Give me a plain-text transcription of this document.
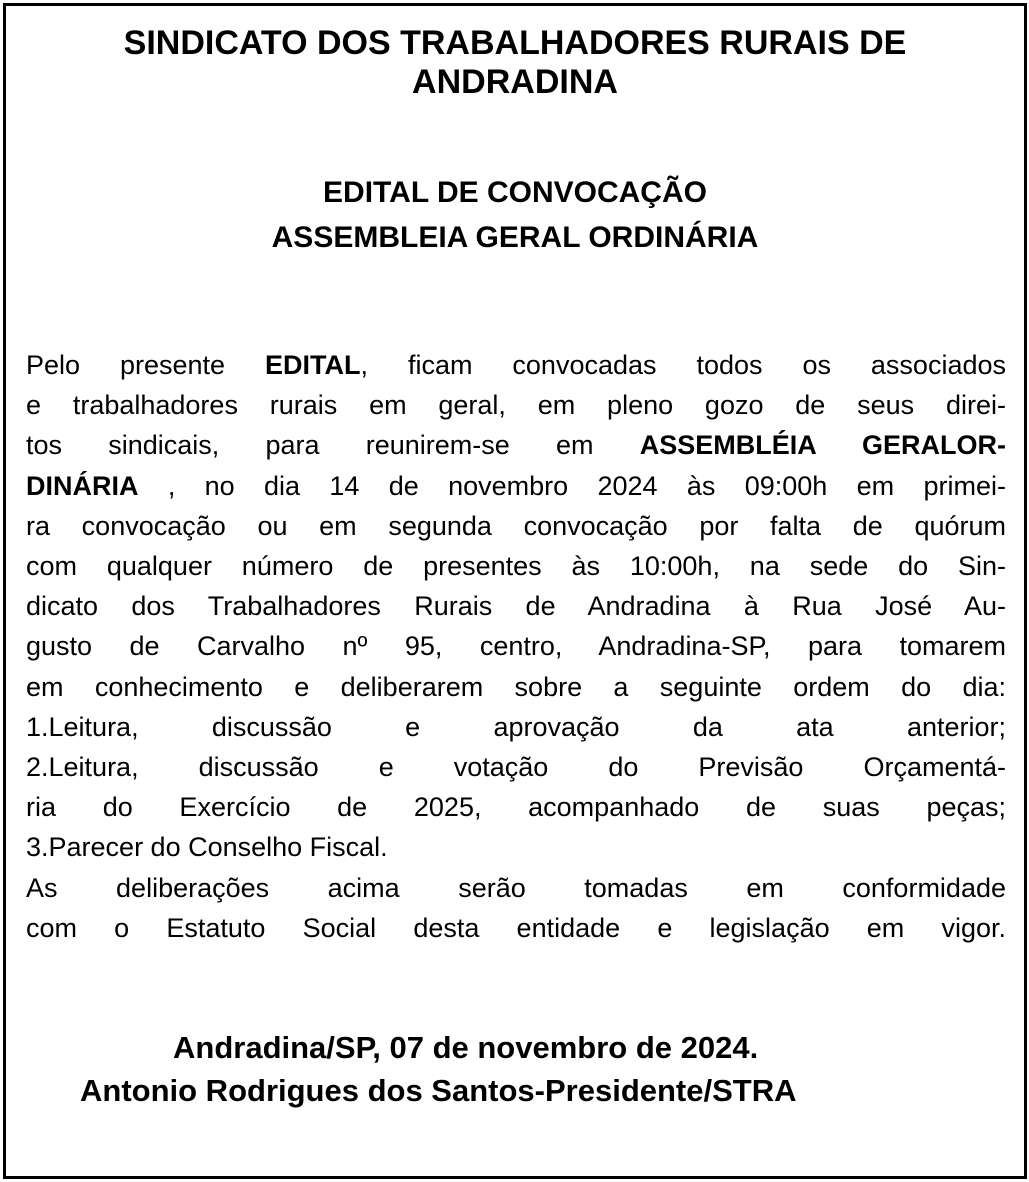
SINDICATO DOS TRABALHADORES RURAIS DE
ANDRADINA
EDITAL DE CONVOCAÇÃO
ASSEMBLEIA GERAL ORDINÁRIA
Pelo presente EDITAL, ficam convocadas todos os associados
e trabalhadores rurais em geral, em pleno gozo de seus direi-
tos sindicais, para reunirem-se em ASSEMBLÉIA GERALOR-
DINÁRIA , no dia 14 de novembro 2024 às 09:00h em primei-
ra convocação ou em segunda convocação por falta de quórum
com qualquer número de presentes às 10:00h, na sede do Sin-
dicato dos Trabalhadores Rurais de Andradina à Rua José Au-
gusto de Carvalho nº 95, centro, Andradina-SP, para tomarem
em conhecimento e deliberarem sobre a seguinte ordem do dia:
1.Leitura, discussão e aprovação da ata anterior;
2.Leitura, discussão e votação do Previsão Orçamentá-
ria do Exercício de 2025, acompanhado de suas peças;
3.Parecer do Conselho Fiscal.
As deliberações acima serão tomadas em conformidade
com o Estatuto Social desta entidade e legislação em vigor.
Andradina/SP, 07 de novembro de 2024.
Antonio Rodrigues dos Santos-Presidente/STRA
